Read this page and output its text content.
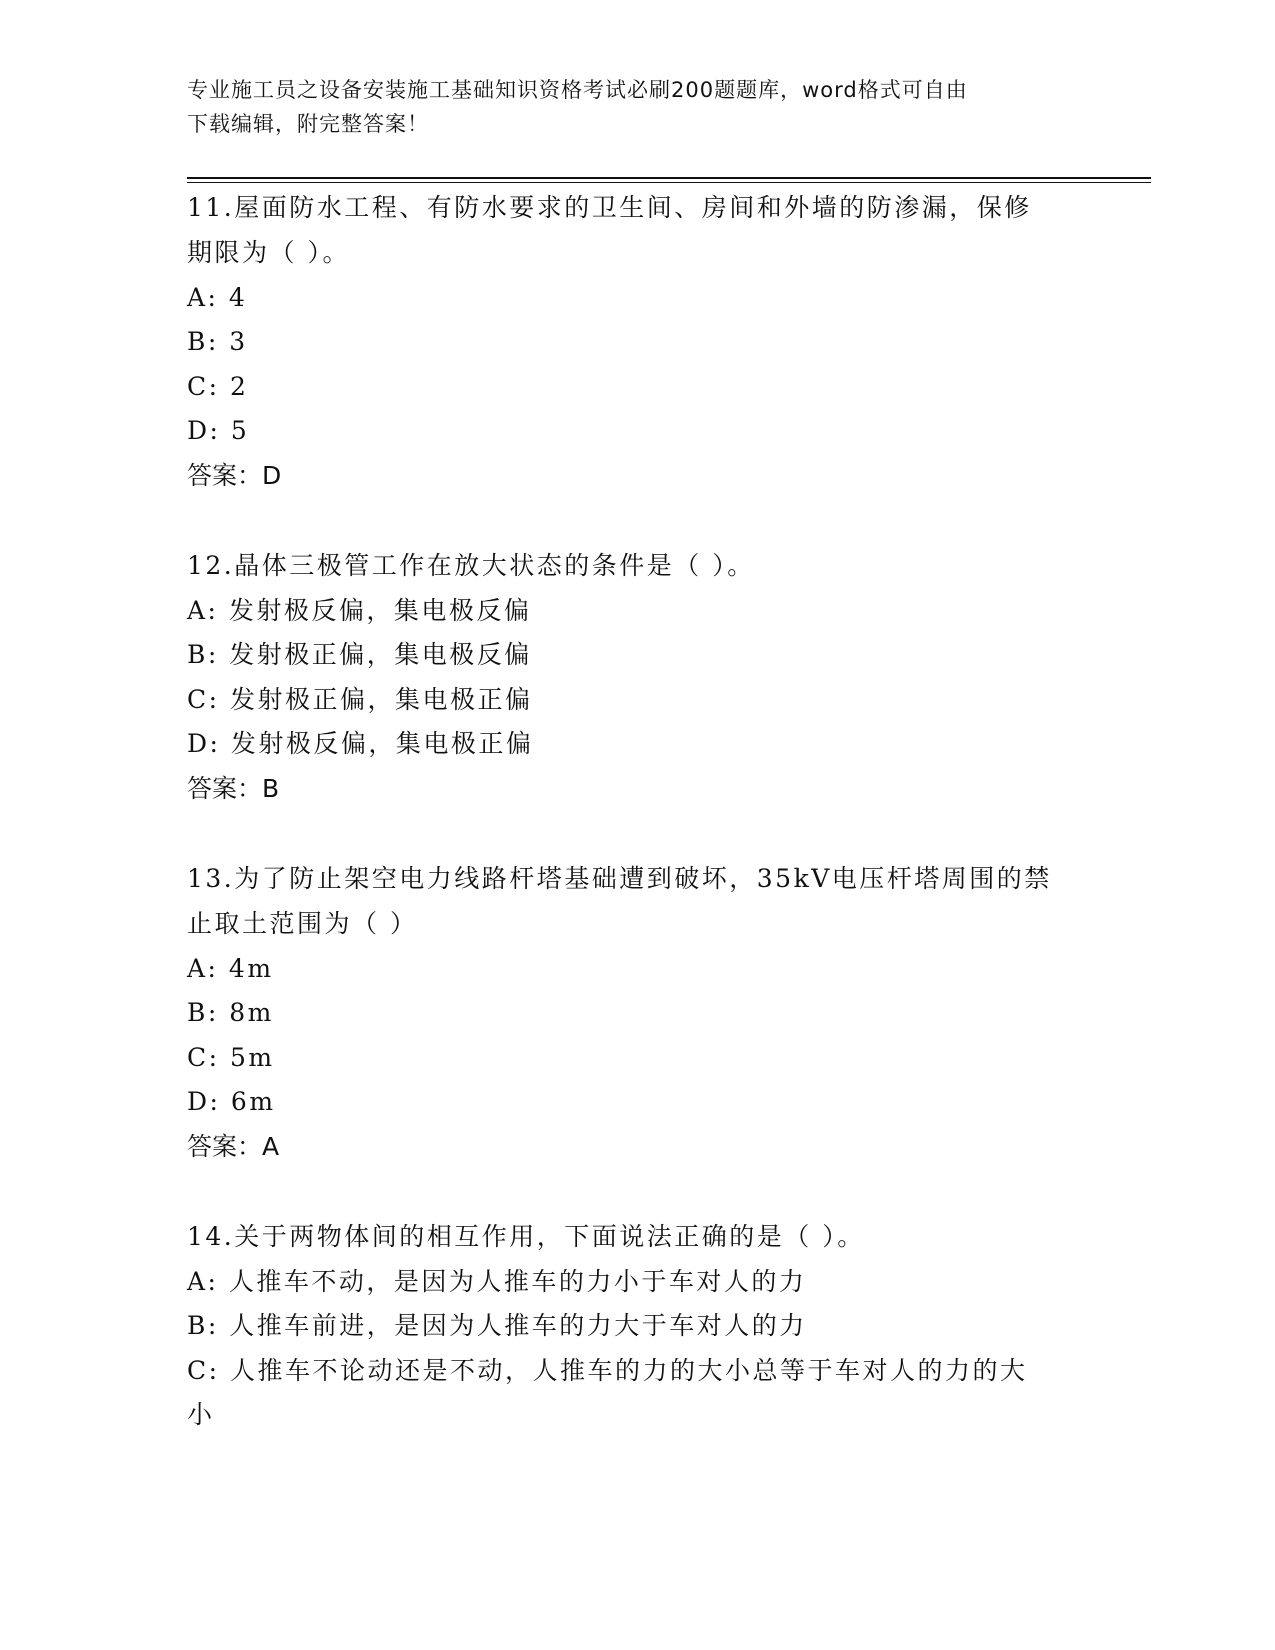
专业施工员之设备安装施工基础知识资格考试必刷200题题库，word格式可自由
下载编辑，附完整答案！
11.屋面防水工程、有防水要求的卫生间、房间和外墙的防渗漏，保修
期限为（ ）。
A: 4
B: 3
C: 2
D: 5
答案：D
12.晶体三极管工作在放大状态的条件是（ ）。
A: 发射极反偏，集电极反偏
B: 发射极正偏，集电极反偏
C: 发射极正偏，集电极正偏
D: 发射极反偏，集电极正偏
答案：B
13.为了防止架空电力线路杆塔基础遭到破坏，35kV电压杆塔周围的禁
止取土范围为（ ）
A: 4m
B: 8m
C: 5m
D: 6m
答案：A
14.关于两物体间的相互作用，下面说法正确的是（ ）。
A: 人推车不动，是因为人推车的力小于车对人的力
B: 人推车前进，是因为人推车的力大于车对人的力
C: 人推车不论动还是不动，人推车的力的大小总等于车对人的力的大
小
